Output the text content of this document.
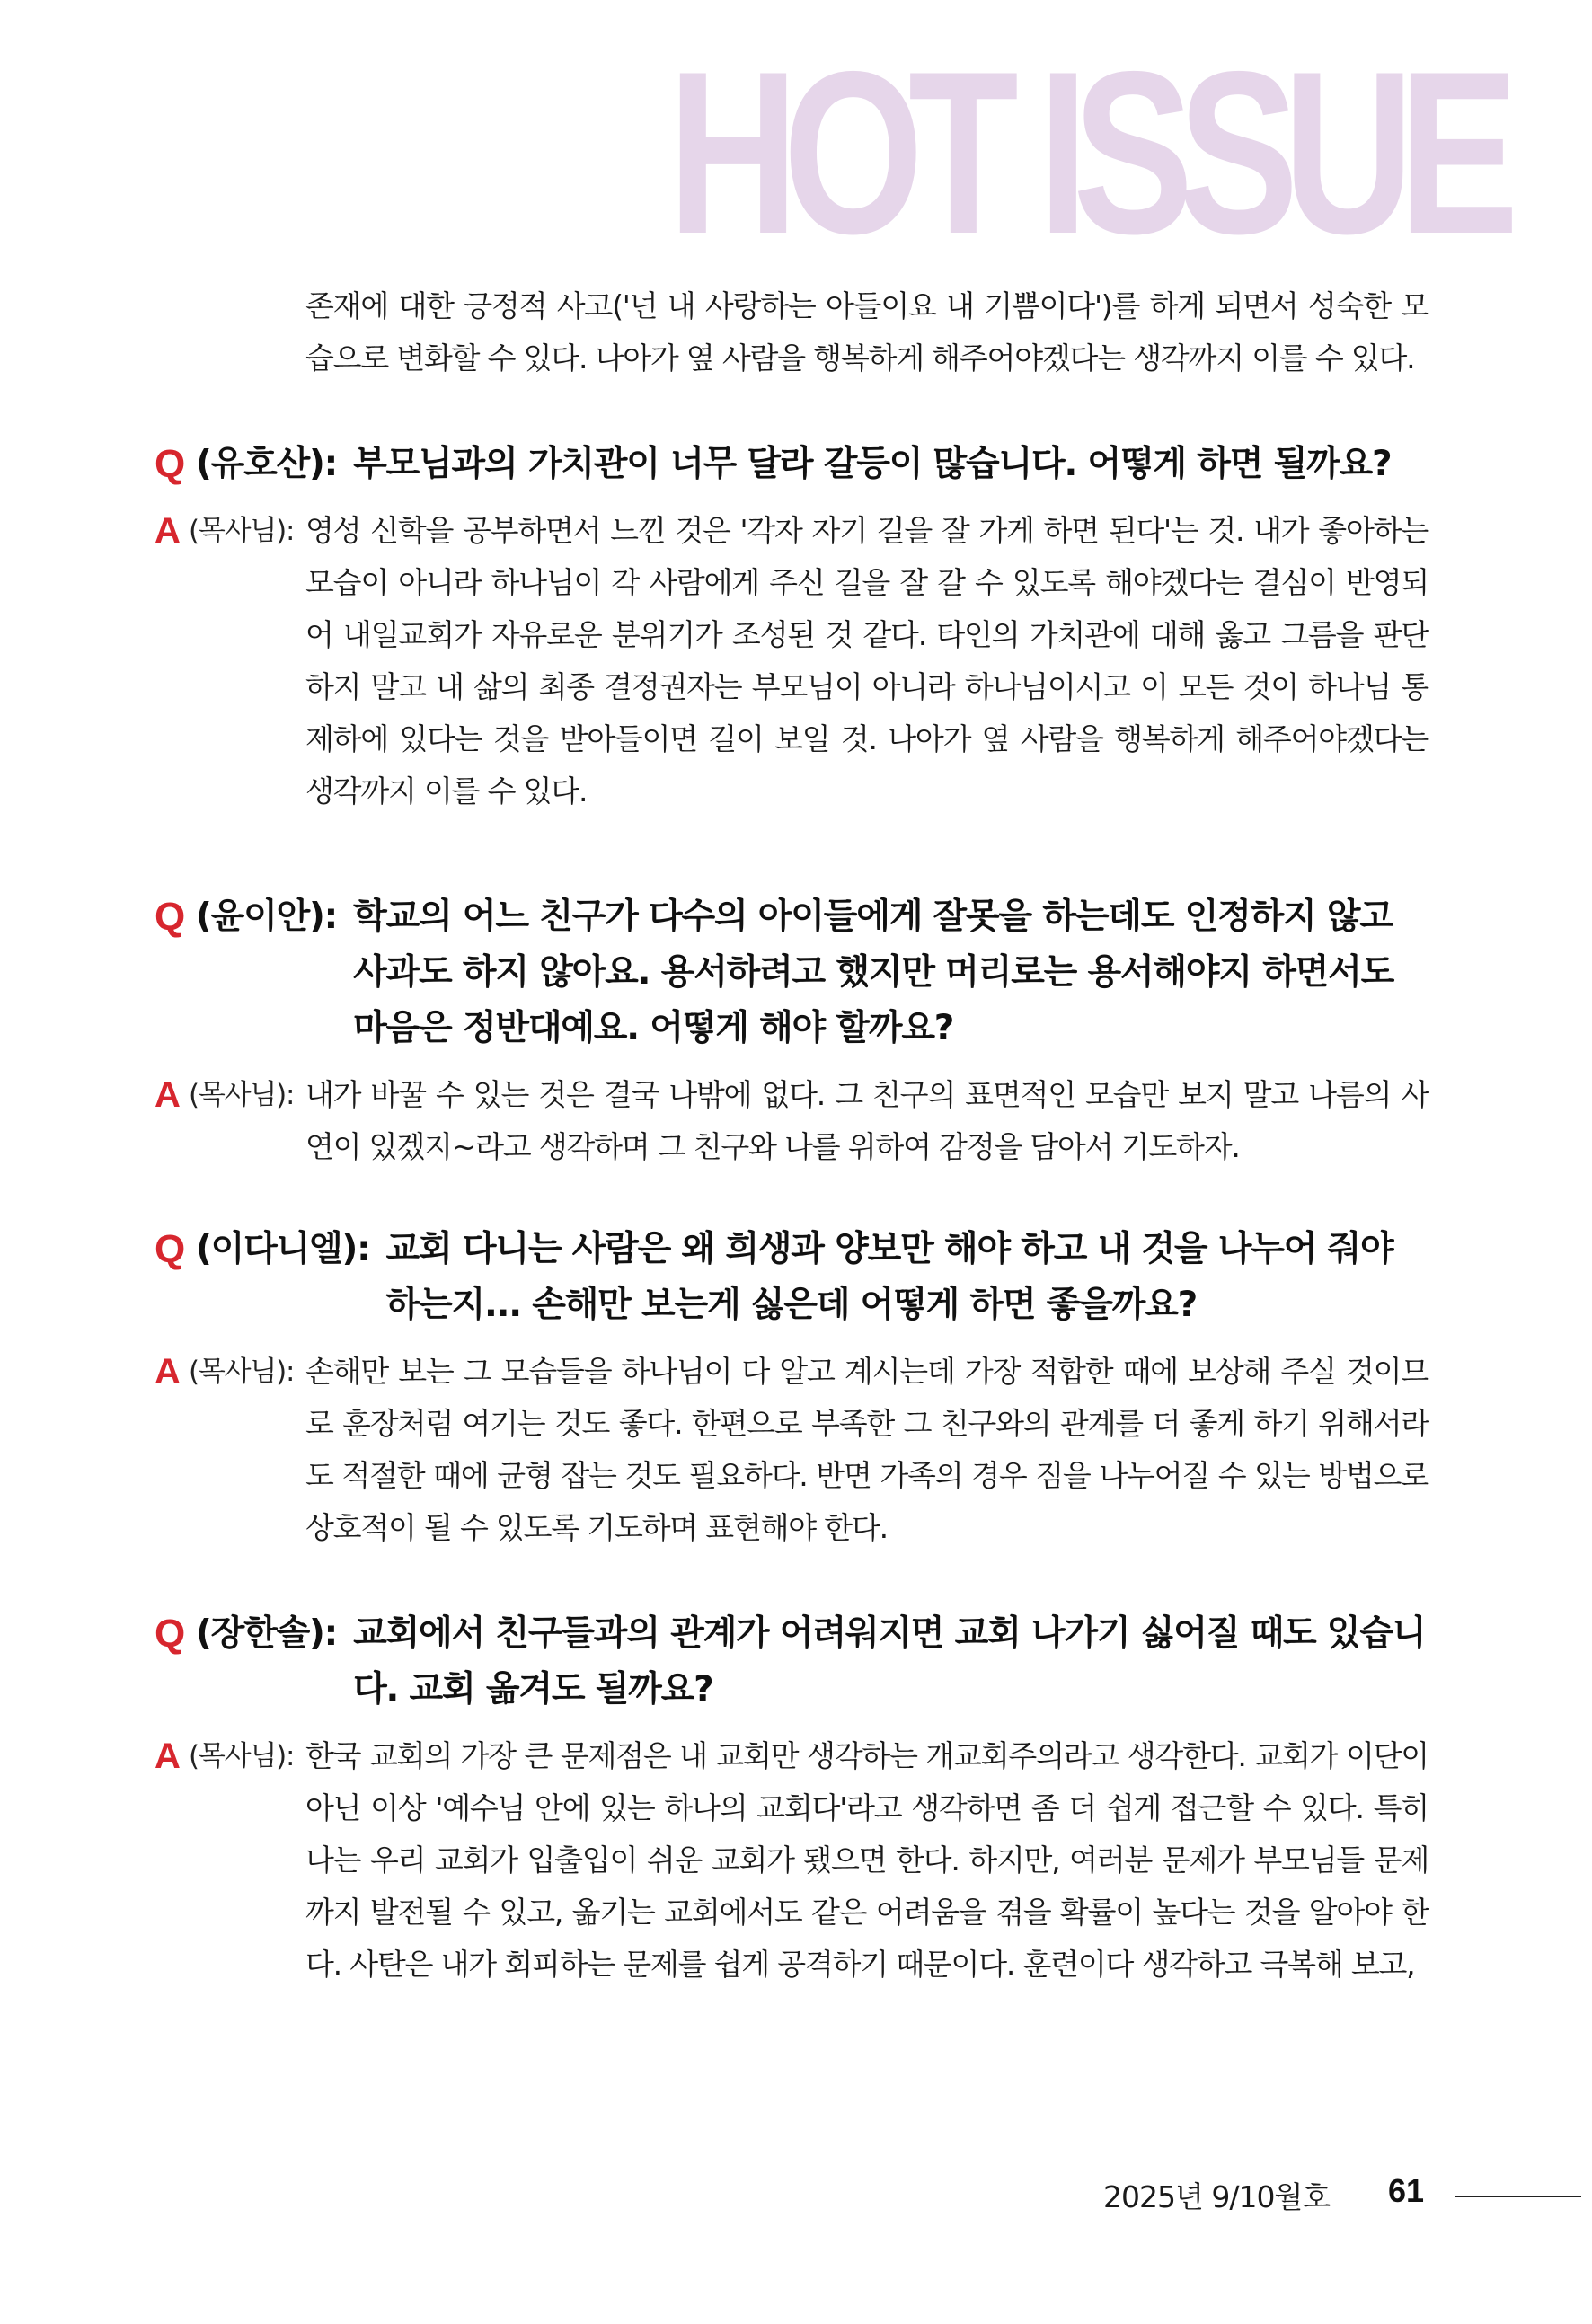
HOT ISSUE

존재에 대한 긍정적 사고('넌 내 사랑하는 아들이요 내 기쁨이다')를 하게 되면서 성숙한 모습으로 변화할 수 있다. 나아가 옆 사람을 행복하게 해주어야겠다는 생각까지 이를 수 있다.

Q (유호산): 부모님과의 가치관이 너무 달라 갈등이 많습니다. 어떻게 하면 될까요?
A (목사님): 영성 신학을 공부하면서 느낀 것은 '각자 자기 길을 잘 가게 하면 된다'는 것. 내가 좋아하는 모습이 아니라 하나님이 각 사람에게 주신 길을 잘 갈 수 있도록 해야겠다는 결심이 반영되어 내일교회가 자유로운 분위기가 조성된 것 같다. 타인의 가치관에 대해 옳고 그름을 판단하지 말고 내 삶의 최종 결정권자는 부모님이 아니라 하나님이시고 이 모든 것이 하나님 통제하에 있다는 것을 받아들이면 길이 보일 것. 나아가 옆 사람을 행복하게 해주어야겠다는 생각까지 이를 수 있다.
Q (윤이안): 학교의 어느 친구가 다수의 아이들에게 잘못을 하는데도 인정하지 않고 사과도 하지 않아요. 용서하려고 했지만 머리로는 용서해야지 하면서도 마음은 정반대예요. 어떻게 해야 할까요?
A (목사님): 내가 바꿀 수 있는 것은 결국 나밖에 없다. 그 친구의 표면적인 모습만 보지 말고 나름의 사연이 있겠지~라고 생각하며 그 친구와 나를 위하여 감정을 담아서 기도하자.
Q (이다니엘): 교회 다니는 사람은 왜 희생과 양보만 해야 하고 내 것을 나누어 줘야 하는지... 손해만 보는게 싫은데 어떻게 하면 좋을까요?
A (목사님): 손해만 보는 그 모습들을 하나님이 다 알고 계시는데 가장 적합한 때에 보상해 주실 것이므로 훈장처럼 여기는 것도 좋다. 한편으로 부족한 그 친구와의 관계를 더 좋게 하기 위해서라도 적절한 때에 균형 잡는 것도 필요하다. 반면 가족의 경우 짐을 나누어질 수 있는 방법으로 상호적이 될 수 있도록 기도하며 표현해야 한다.
Q (장한솔): 교회에서 친구들과의 관계가 어려워지면 교회 나가기 싫어질 때도 있습니다. 교회 옮겨도 될까요?
A (목사님): 한국 교회의 가장 큰 문제점은 내 교회만 생각하는 개교회주의라고 생각한다. 교회가 이단이 아닌 이상 '예수님 안에 있는 하나의 교회다'라고 생각하면 좀 더 쉽게 접근할 수 있다. 특히 나는 우리 교회가 입출입이 쉬운 교회가 됐으면 한다. 하지만, 여러분 문제가 부모님들 문제까지 발전될 수 있고, 옮기는 교회에서도 같은 어려움을 겪을 확률이 높다는 것을 알아야 한다. 사탄은 내가 회피하는 문제를 쉽게 공격하기 때문이다. 훈련이다 생각하고 극복해 보고,
2025년 9/10월호 61
